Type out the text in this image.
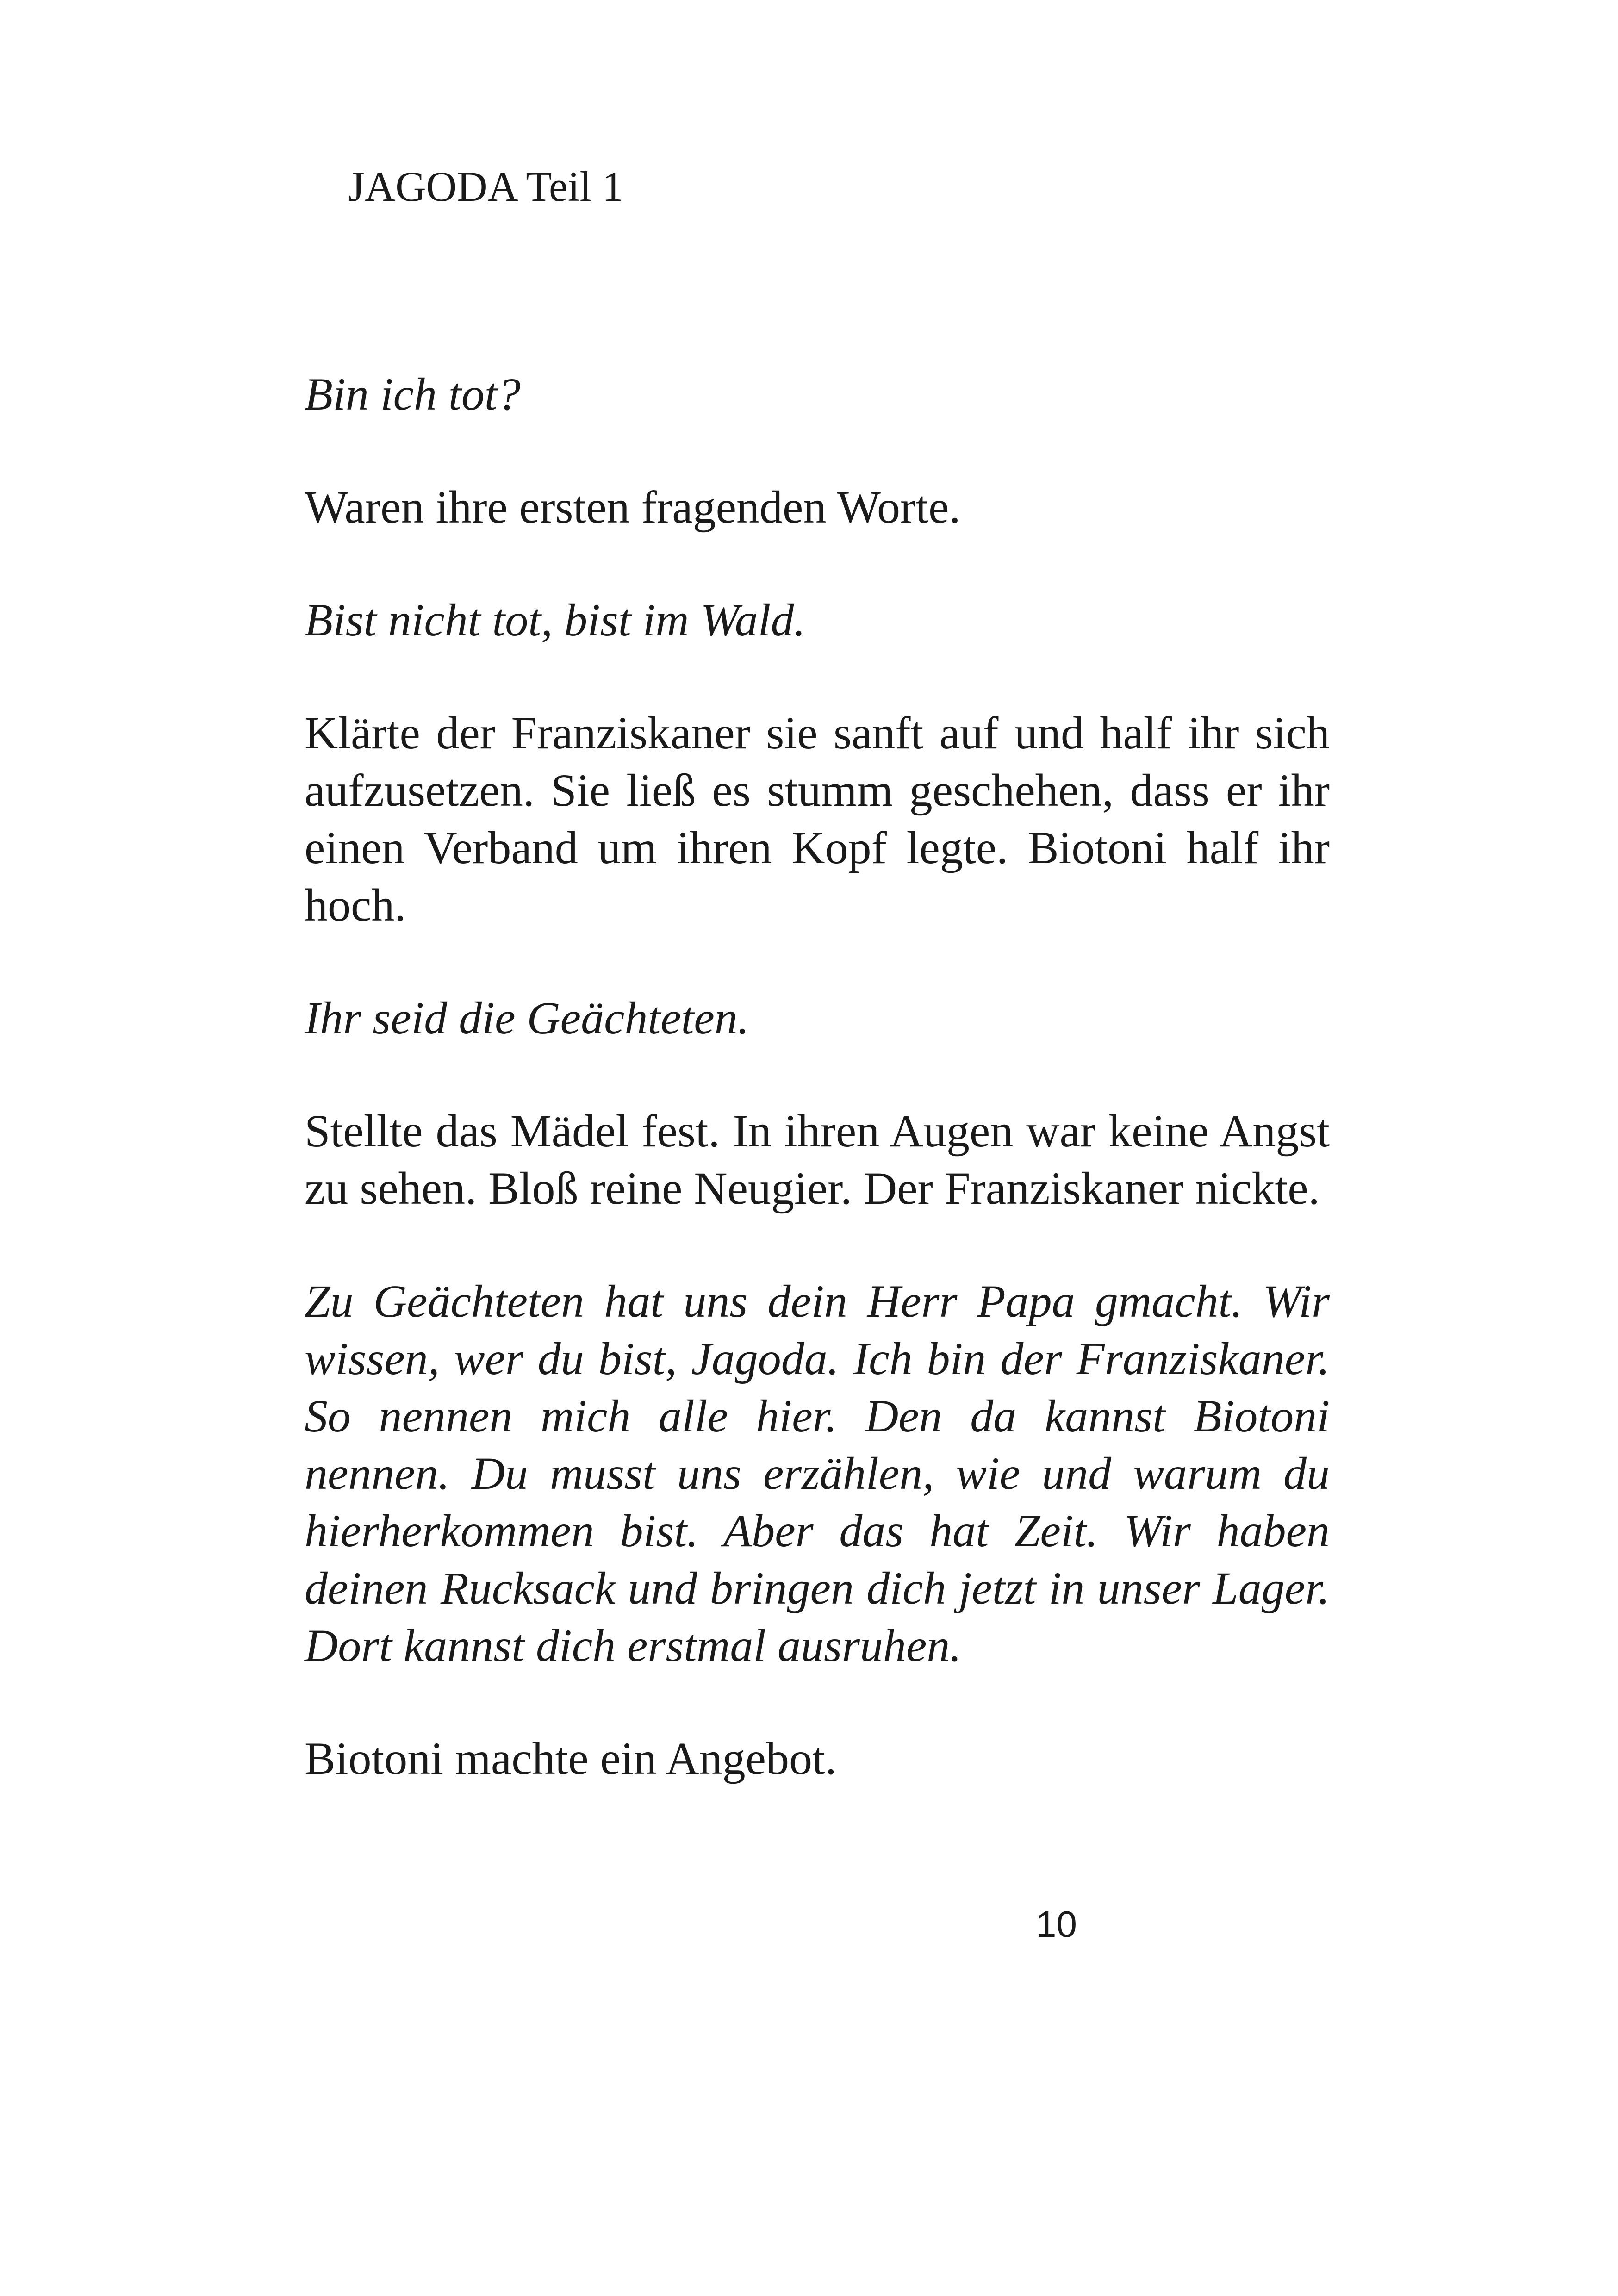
JAGODA Teil 1

Bin ich tot?

Waren ihre ersten fragenden Worte.

Bist nicht tot, bist im Wald.

Klärte der Franziskaner sie sanft auf und half ihr sich aufzusetzen. Sie ließ es stumm geschehen, dass er ihr einen Verband um ihren Kopf legte. Biotoni half ihr hoch.

Ihr seid die Geächteten.

Stellte das Mädel fest. In ihren Augen war keine Angst zu sehen. Bloß reine Neugier. Der Franziskaner nickte.

Zu Geächteten hat uns dein Herr Papa gmacht. Wir wissen, wer du bist, Jagoda. Ich bin der Franziskaner. So nennen mich alle hier. Den da kannst Biotoni nennen. Du musst uns erzählen, wie und warum du hierherkommen bist. Aber das hat Zeit. Wir haben deinen Rucksack und bringen dich jetzt in unser Lager. Dort kannst dich erstmal ausruhen.

Biotoni machte ein Angebot.

10
